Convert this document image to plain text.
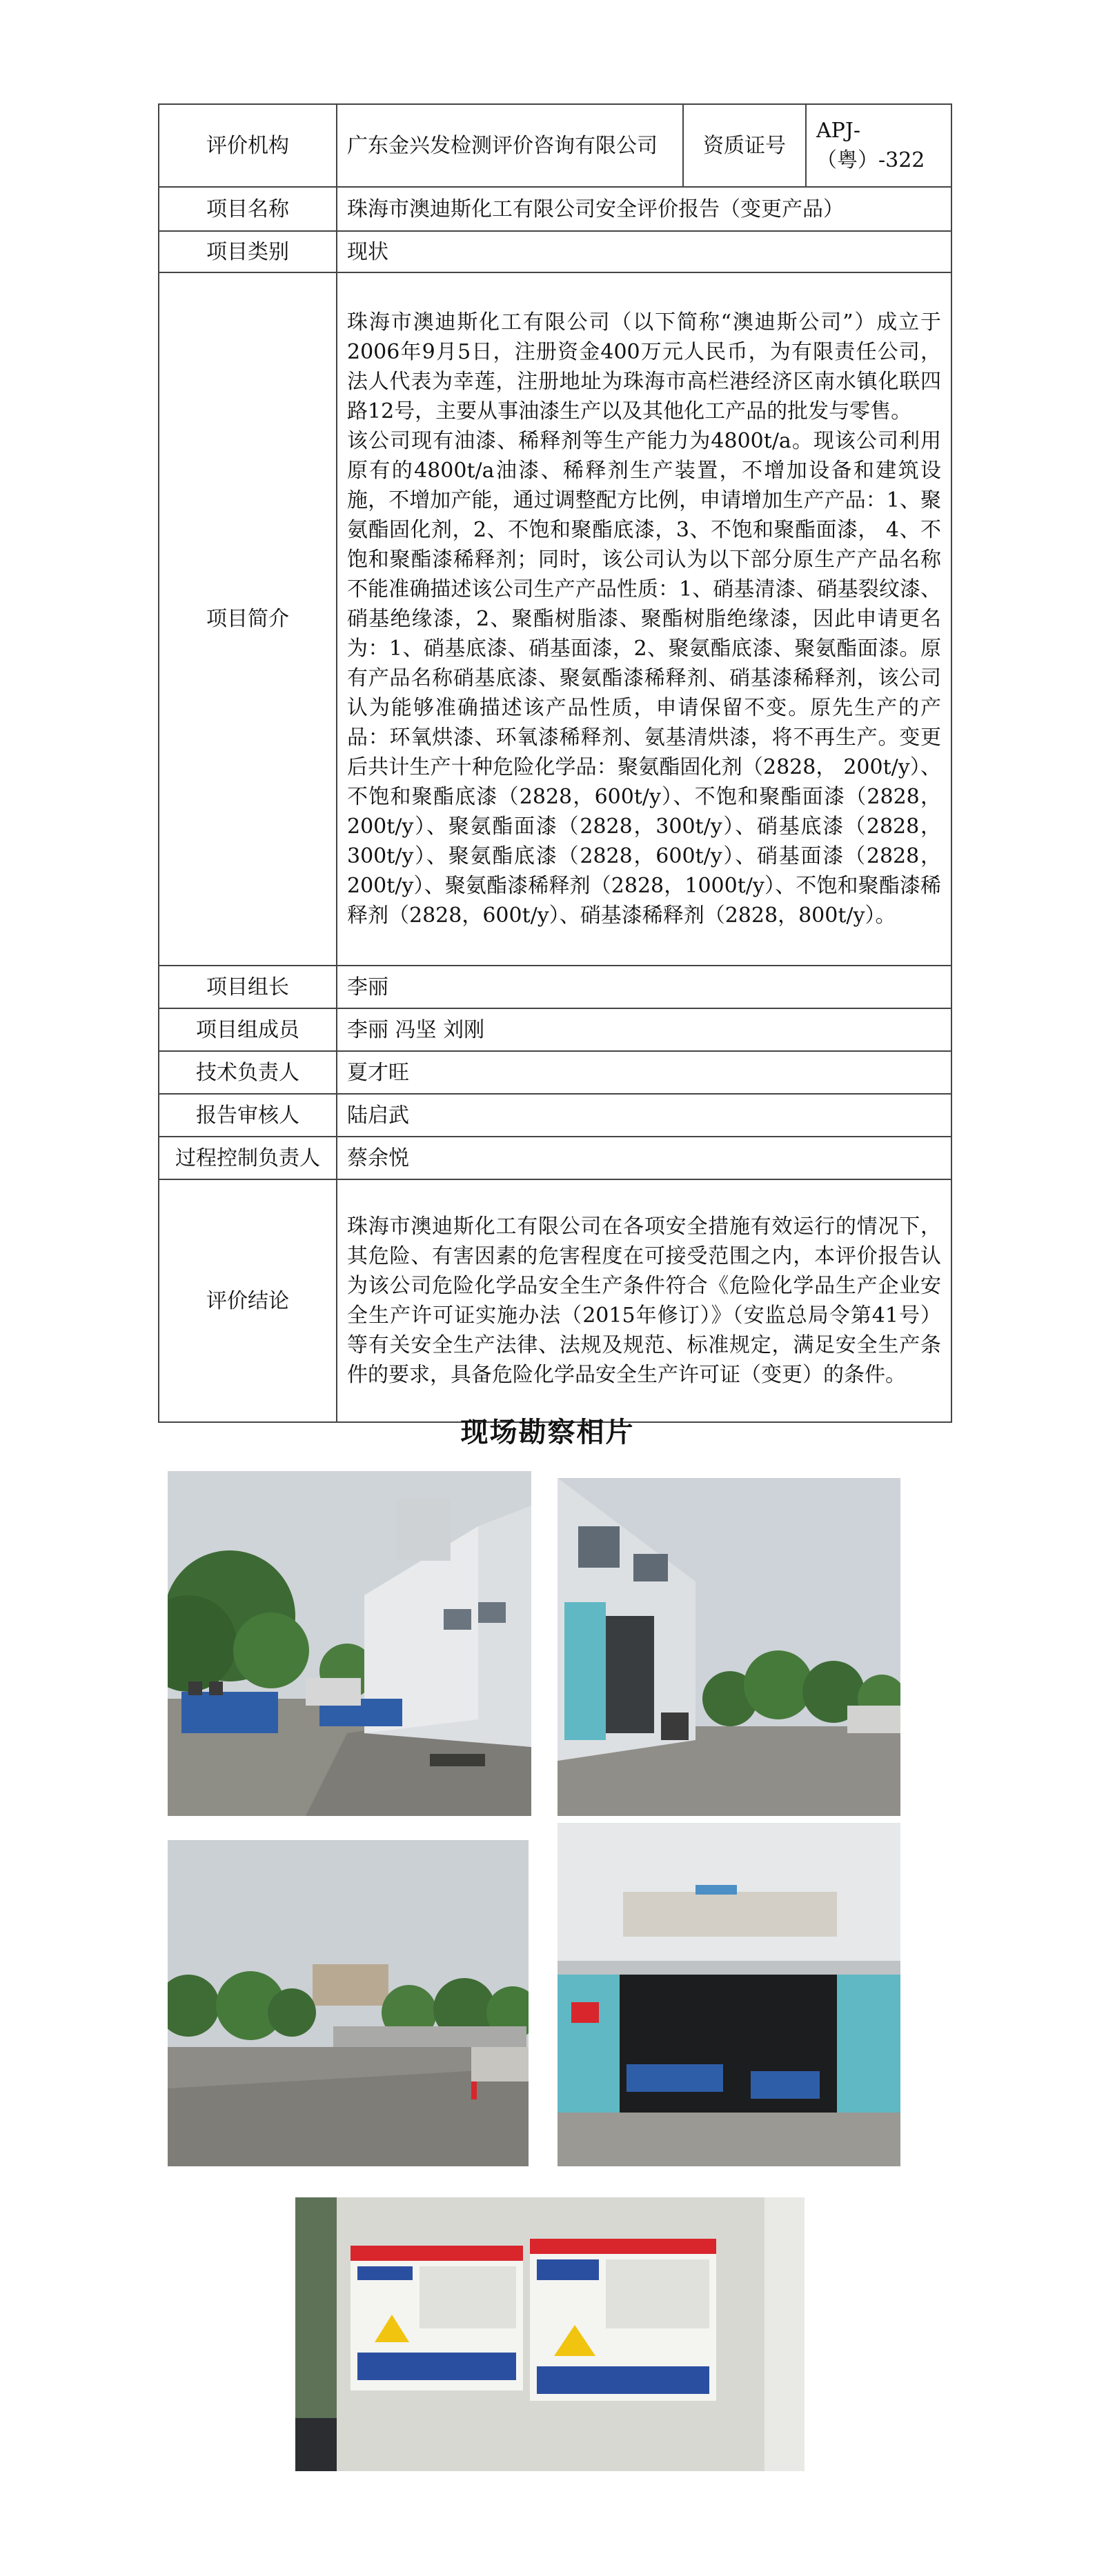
评价机构	广东金兴发检测评价咨询有限公司	资质证号	APJ-（粤）-322
项目名称	珠海市澳迪斯化工有限公司安全评价报告（变更产品）		
项目类别	现状		
项目简介	珠海市澳迪斯化工有限公司（以下简称“澳迪斯公司”）成立于2006年9月5日，注册资金400万元人民币，为有限责任公司，法人代表为幸莲，注册地址为珠海市高栏港经济区南水镇化联四路12号，主要从事油漆生产以及其他化工产品的批发与零售。

该公司现有油漆、稀释剂等生产能力为4800t/a。现该公司利用原有的4800t/a油漆、稀释剂生产装置，不增加设备和建筑设施，不增加产能，通过调整配方比例，申请增加生产产品：1、聚氨酯固化剂，2、不饱和聚酯底漆，3、不饱和聚酯面漆， 4、不饱和聚酯漆稀释剂；同时，该公司认为以下部分原生产产品名称不能准确描述该公司生产产品性质：1、硝基清漆、硝基裂纹漆、硝基绝缘漆，2、聚酯树脂漆、聚酯树脂绝缘漆，因此申请更名为：1、硝基底漆、硝基面漆，2、聚氨酯底漆、聚氨酯面漆。原有产品名称硝基底漆、聚氨酯漆稀释剂、硝基漆稀释剂，该公司认为能够准确描述该产品性质，申请保留不变。原先生产的产品：环氧烘漆、环氧漆稀释剂、氨基清烘漆，将不再生产。变更后共计生产十种危险化学品：聚氨酯固化剂（2828， 200t/y）、不饱和聚酯底漆（2828，600t/y）、不饱和聚酯面漆（2828，200t/y）、聚氨酯面漆（2828，300t/y）、硝基底漆（2828，300t/y）、聚氨酯底漆（2828，600t/y）、硝基面漆（2828，200t/y）、聚氨酯漆稀释剂（2828，1000t/y）、不饱和聚酯漆稀释剂（2828，600t/y）、硝基漆稀释剂（2828，800t/y）。		

项目组长	李丽		
项目组成员	李丽 冯坚 刘刚		
技术负责人	夏才旺		
报告审核人	陆启武		
过程控制负责人	蔡余悦		
评价结论	珠海市澳迪斯化工有限公司在各项安全措施有效运行的情况下，其危险、有害因素的危害程度在可接受范围之内，本评价报告认为该公司危险化学品安全生产条件符合《危险化学品生产企业安全生产许可证实施办法（2015年修订）》（安监总局令第41号）等有关安全生产法律、法规及规范、标准规定，满足安全生产条件的要求，具备危险化学品安全生产许可证（变更）的条件。		
现场勘察相片
